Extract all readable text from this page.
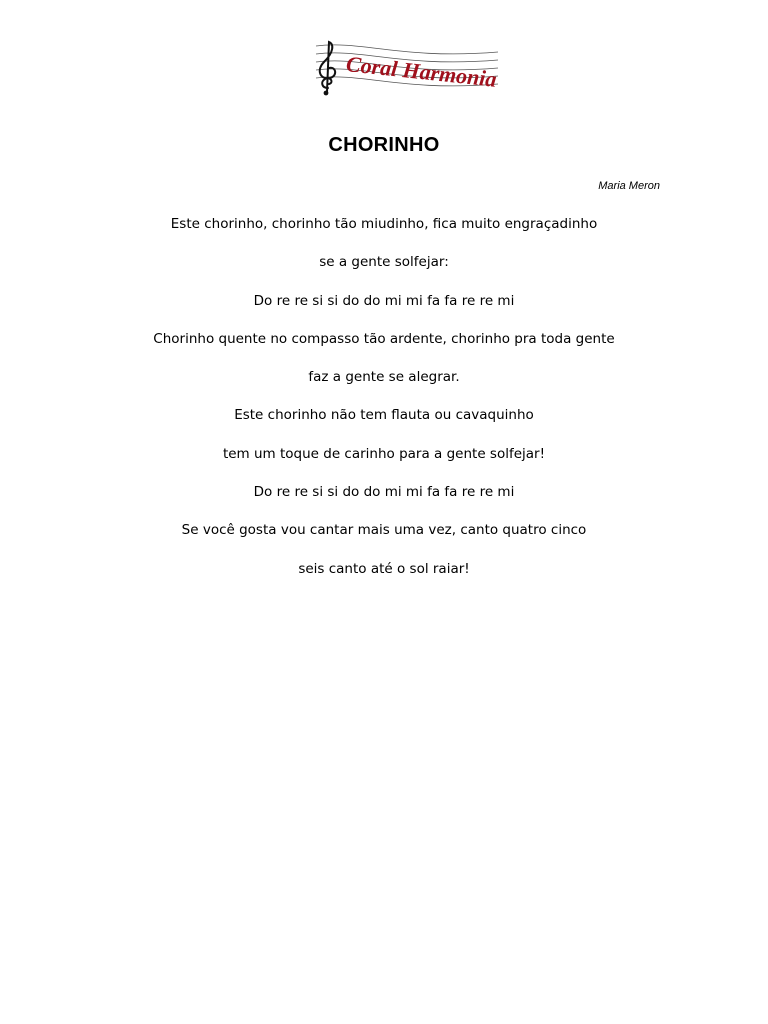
Coral Harmonia
CHORINHO
Maria Meron
Este chorinho, chorinho tão miudinho, fica muito engraçadinho
se a gente solfejar:
Do re re si si do do mi mi fa fa re re mi
Chorinho quente no compasso tão ardente, chorinho pra toda gente
faz a gente se alegrar.
Este chorinho não tem flauta ou cavaquinho
tem um toque de carinho para a gente solfejar!
Do re re si si do do mi mi fa fa re re mi
Se você gosta vou cantar mais uma vez, canto quatro cinco
seis canto até o sol raiar!
